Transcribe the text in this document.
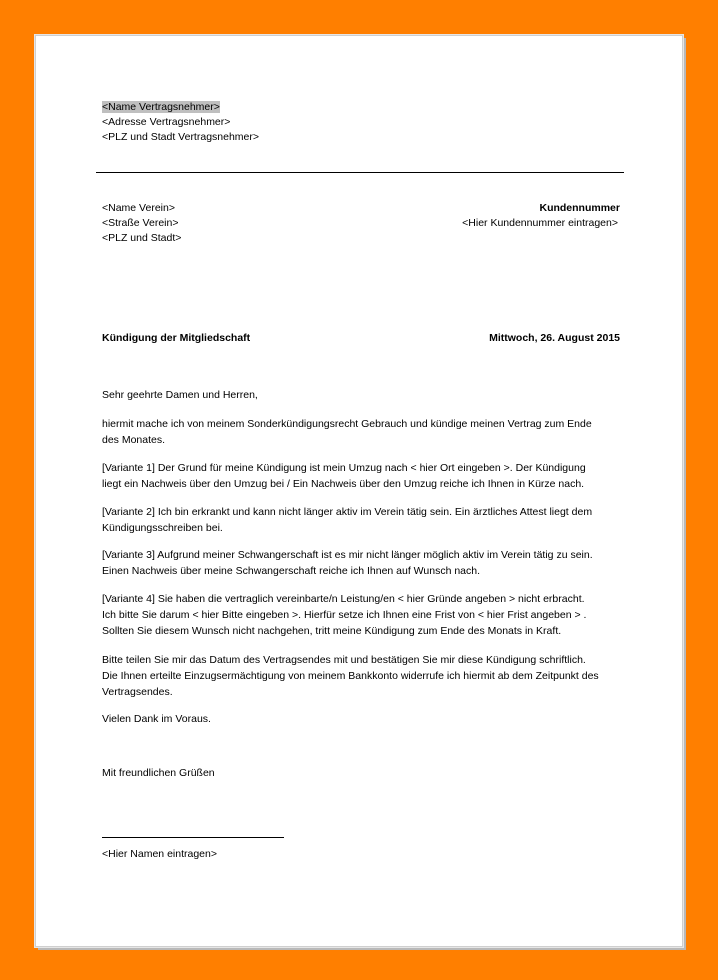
<Name Vertragsnehmer>
<Adresse Vertragsnehmer>
<PLZ und Stadt Vertragsnehmer>
<Name Verein>
<Straße Verein>
<PLZ und Stadt>
Kundennummer
<Hier Kundennummer eintragen>
Kündigung der Mitgliedschaft	Mittwoch, 26. August 2015
Sehr geehrte Damen und Herren,
hiermit mache ich von meinem Sonderkündigungsrecht Gebrauch und kündige meinen Vertrag zum Ende
des Monates.
[Variante 1] Der Grund für meine Kündigung ist mein Umzug nach < hier Ort eingeben >. Der Kündigung
liegt ein Nachweis über den Umzug bei / Ein Nachweis über den Umzug reiche ich Ihnen in Kürze nach.
[Variante 2] Ich bin erkrankt und kann nicht länger aktiv im Verein tätig sein. Ein ärztliches Attest liegt dem
Kündigungsschreiben bei.
[Variante 3] Aufgrund meiner Schwangerschaft ist es mir nicht länger möglich aktiv im Verein tätig zu sein.
Einen Nachweis über meine Schwangerschaft reiche ich Ihnen auf Wunsch nach.
[Variante 4] Sie haben die vertraglich vereinbarte/n Leistung/en < hier Gründe angeben > nicht erbracht.
Ich bitte Sie darum < hier Bitte eingeben >. Hierfür setze ich Ihnen eine Frist von < hier Frist angeben > .
Sollten Sie diesem Wunsch nicht nachgehen, tritt meine Kündigung zum Ende des Monats in Kraft.
Bitte teilen Sie mir das Datum des Vertragsendes mit und bestätigen Sie mir diese Kündigung schriftlich.
Die Ihnen erteilte Einzugsermächtigung von meinem Bankkonto widerrufe ich hiermit ab dem Zeitpunkt des
Vertragsendes.
Vielen Dank im Voraus.
Mit freundlichen Grüßen
<Hier Namen eintragen>
